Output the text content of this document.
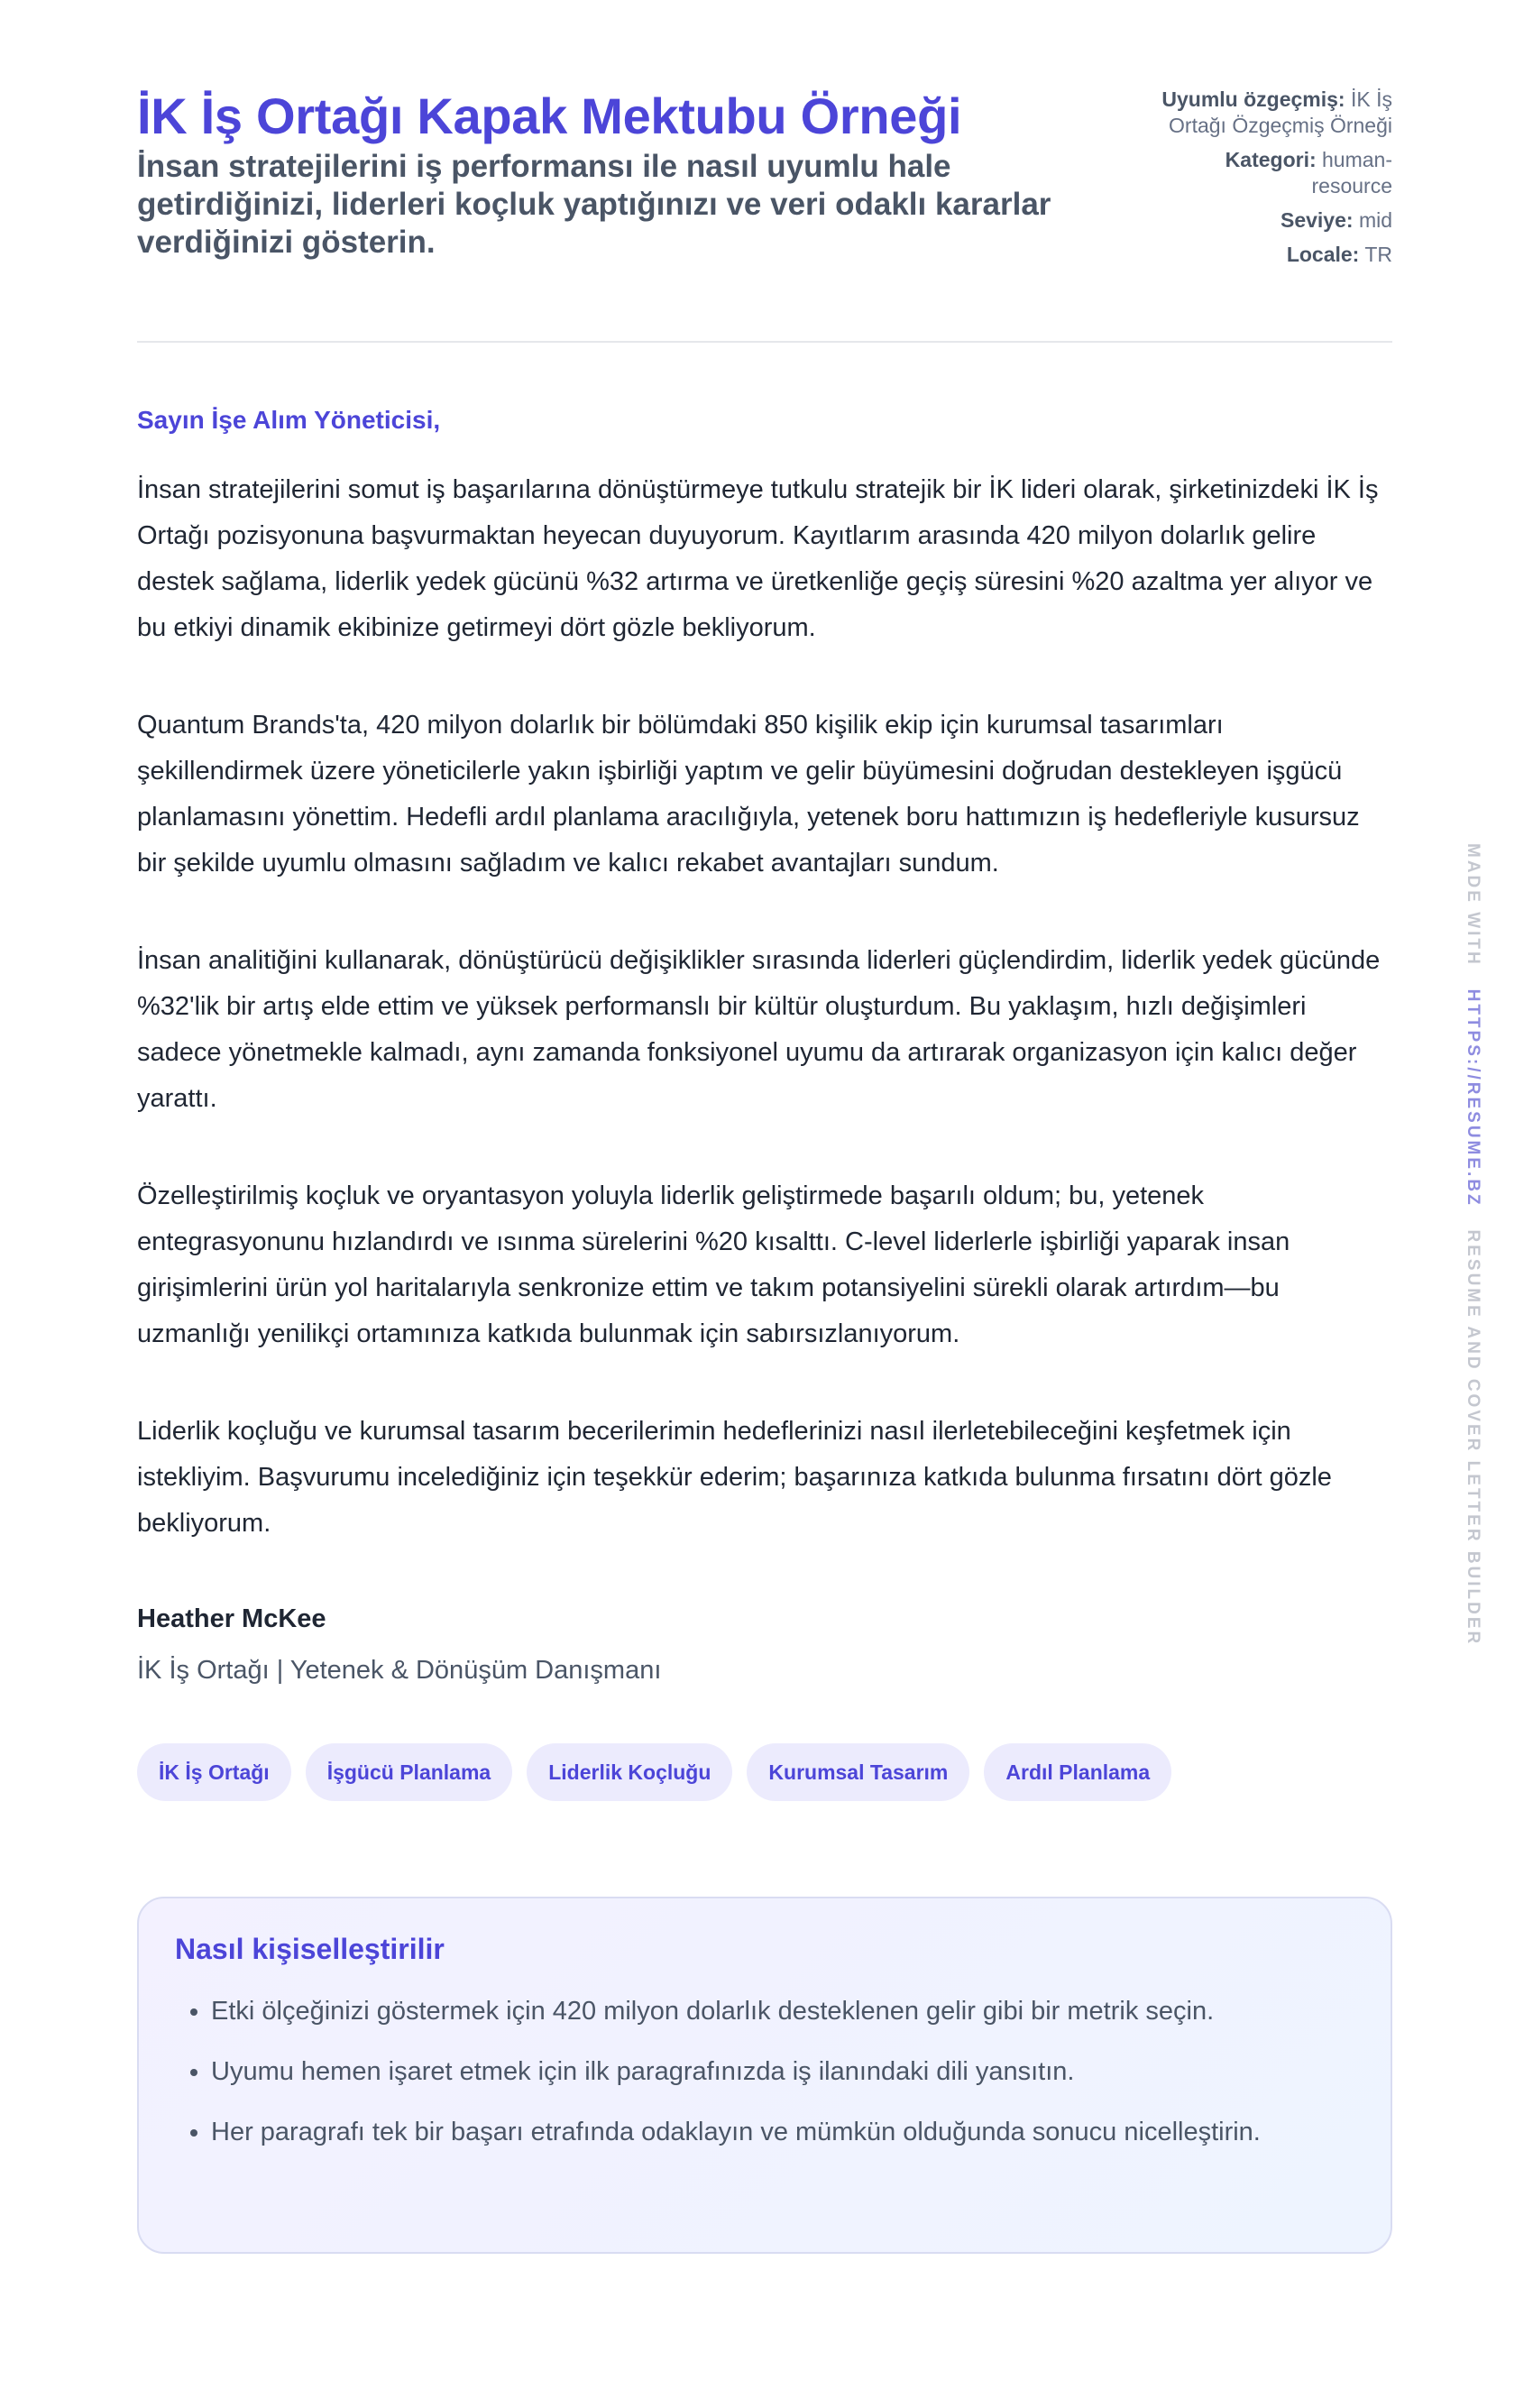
İK İş Ortağı Kapak Mektubu Örneği

İnsan stratejilerini iş performansı ile nasıl uyumlu hale getirdiğinizi, liderleri koçluk yaptığınızı ve veri odaklı kararlar verdiğinizi gösterin.

Uyumlu özgeçmiş: İK İş Ortağı Özgeçmiş Örneği
Kategori: human-resource
Seviye: mid
Locale: TR

Sayın İşe Alım Yöneticisi,

İnsan stratejilerini somut iş başarılarına dönüştürmeye tutkulu stratejik bir İK lideri olarak, şirketinizdeki İK İş Ortağı pozisyonuna başvurmaktan heyecan duyuyorum. Kayıtlarım arasında 420 milyon dolarlık gelire destek sağlama, liderlik yedek gücünü %32 artırma ve üretkenliğe geçiş süresini %20 azaltma yer alıyor ve bu etkiyi dinamik ekibinize getirmeyi dört gözle bekliyorum.

Quantum Brands'ta, 420 milyon dolarlık bir bölümdaki 850 kişilik ekip için kurumsal tasarımları şekillendirmek üzere yöneticilerle yakın işbirliği yaptım ve gelir büyümesini doğrudan destekleyen işgücü planlamasını yönettim. Hedefli ardıl planlama aracılığıyla, yetenek boru hattımızın iş hedefleriyle kusursuz bir şekilde uyumlu olmasını sağladım ve kalıcı rekabet avantajları sundum.

İnsan analitiğini kullanarak, dönüştürücü değişiklikler sırasında liderleri güçlendirdim, liderlik yedek gücünde %32'lik bir artış elde ettim ve yüksek performanslı bir kültür oluşturdum. Bu yaklaşım, hızlı değişimleri sadece yönetmekle kalmadı, aynı zamanda fonksiyonel uyumu da artırarak organizasyon için kalıcı değer yarattı.

Özelleştirilmiş koçluk ve oryantasyon yoluyla liderlik geliştirmede başarılı oldum; bu, yetenek entegrasyonunu hızlandırdı ve ısınma sürelerini %20 kısalttı. C-level liderlerle işbirliği yaparak insan girişimlerini ürün yol haritalarıyla senkronize ettim ve takım potansiyelini sürekli olarak artırdım—bu uzmanlığı yenilikçi ortamınıza katkıda bulunmak için sabırsızlanıyorum.

Liderlik koçluğu ve kurumsal tasarım becerilerimin hedeflerinizi nasıl ilerletebileceğini keşfetmek için istekliyim. Başvurumu incelediğiniz için teşekkür ederim; başarınıza katkıda bulunma fırsatını dört gözle bekliyorum.

Heather McKee

İK İş Ortağı | Yetenek & Dönüşüm Danışmanı

İK İş Ortağı	İşgücü Planlama	Liderlik Koçluğu	Kurumsal Tasarım	Ardıl Planlama
Nasıl kişiselleştirilir
• Etki ölçeğinizi göstermek için 420 milyon dolarlık desteklenen gelir gibi bir metrik seçin.
• Uyumu hemen işaret etmek için ilk paragrafınızda iş ilanındaki dili yansıtın.
• Her paragrafı tek bir başarı etrafında odaklayın ve mümkün olduğunda sonucu nicelleştirin.
MADE WITH   HTTPS://RESUME.BZ   RESUME AND COVER LETTER BUILDER
